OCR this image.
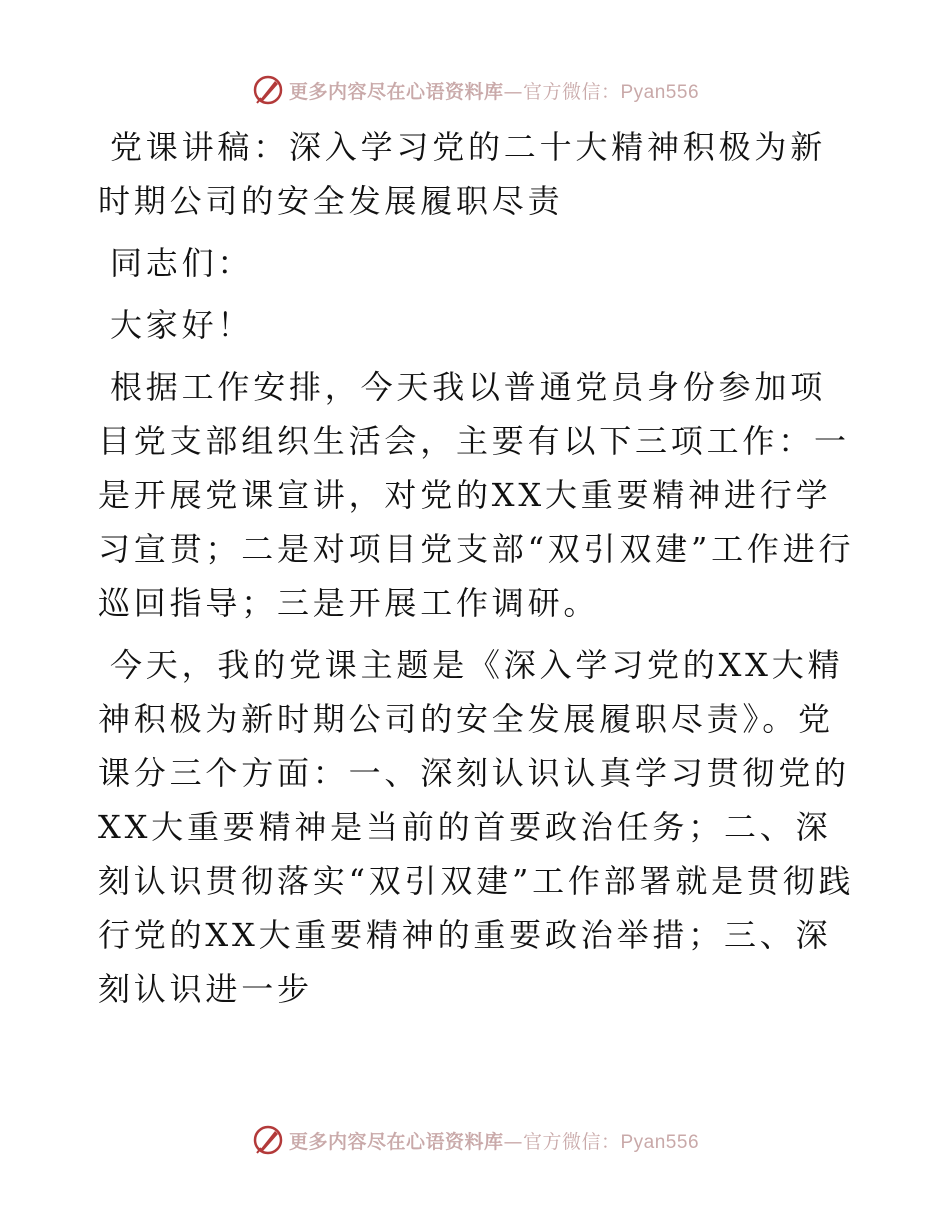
更多内容尽在心语资料库—官方微信：Pyan556

党课讲稿：深入学习党的二十大精神积极为新时期公司的安全发展履职尽责

同志们：

大家好！

根据工作安排，今天我以普通党员身份参加项目党支部组织生活会，主要有以下三项工作：一是开展党课宣讲，对党的XX大重要精神进行学习宣贯；二是对项目党支部“双引双建”工作进行巡回指导；三是开展工作调研。

今天，我的党课主题是《深入学习党的XX大精神积极为新时期公司的安全发展履职尽责》。党课分三个方面：一、深刻认识认真学习贯彻党的XX大重要精神是当前的首要政治任务；二、深刻认识贯彻落实“双引双建”工作部署就是贯彻践行党的XX大重要精神的重要政治举措；三、深刻认识进一步

更多内容尽在心语资料库—官方微信：Pyan556
